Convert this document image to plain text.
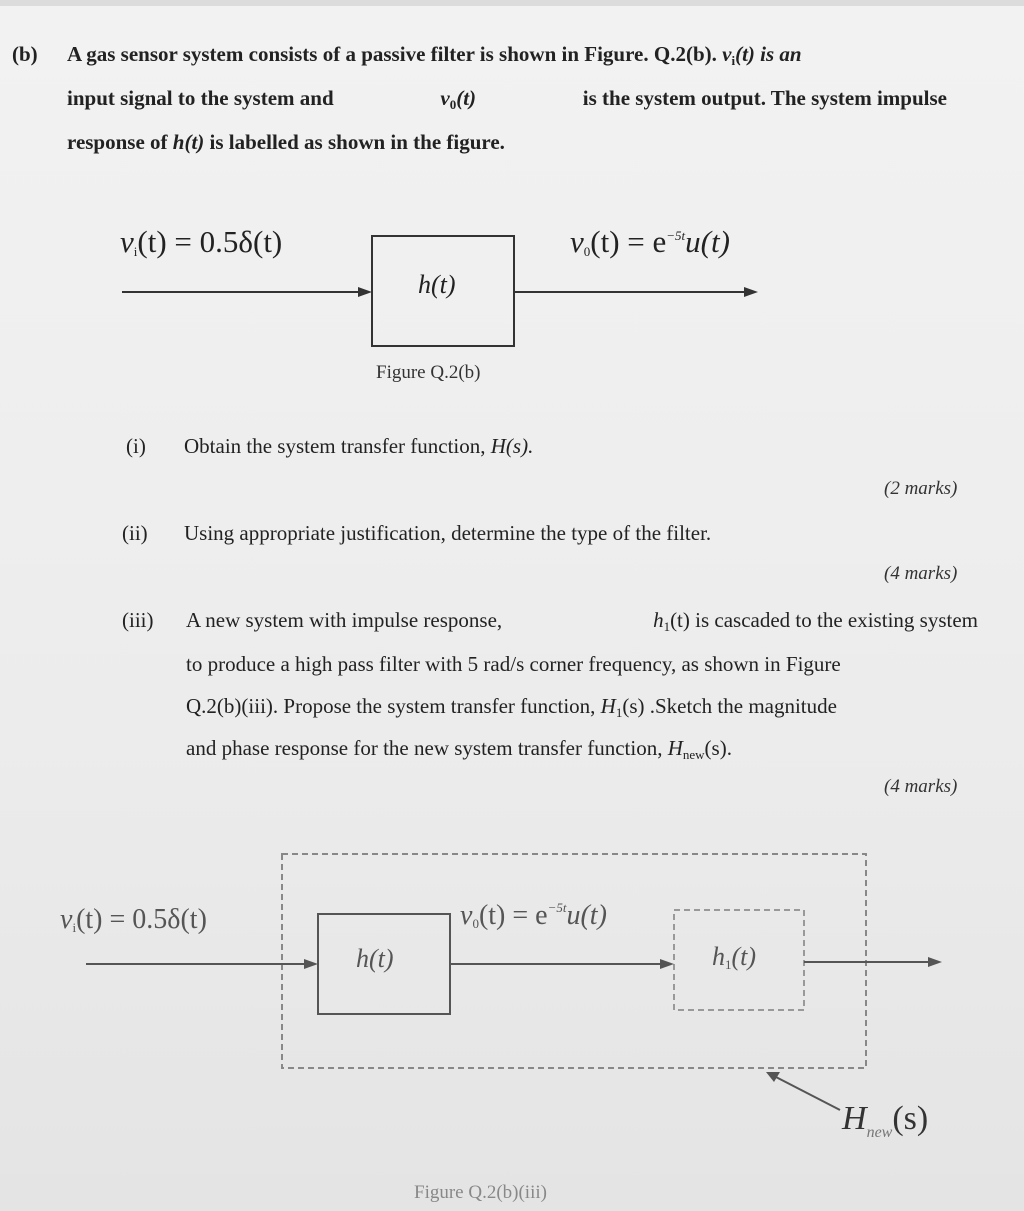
(b) A gas sensor system consists of a passive filter is shown in Figure. Q.2(b). $v_i(t)$ is an
input signal to the system and	$v_0(t)$	is the system output. The system impulse
response of h(t) is labelled as shown in the figure.
$v_i(t) = 0.5\delta(t)$
h(t)
$v_0(t) = e^{-5t}u(t)$
Figure Q.2(b)
(i) Obtain the system transfer function, H(s).
(2 marks)
(ii) Using appropriate justification, determine the type of the filter.
(4 marks)
(iii) A new system with impulse response,	$h_1(t)$ is cascaded to the existing system
to produce a high pass filter with 5 rad/s corner frequency, as shown in Figure
Q.2(b)(iii). Propose the system transfer function, $H_1(s)$ .Sketch the magnitude
and phase response for the new system transfer function, $H_{new}(s)$.
(4 marks)
$v_i(t) = 0.5\delta(t)$
h(t)
$v_0(t) = e^{-5t}u(t)$
$h_1(t)$
$H_{new}(s)$
Figure Q.2(b)(iii)
